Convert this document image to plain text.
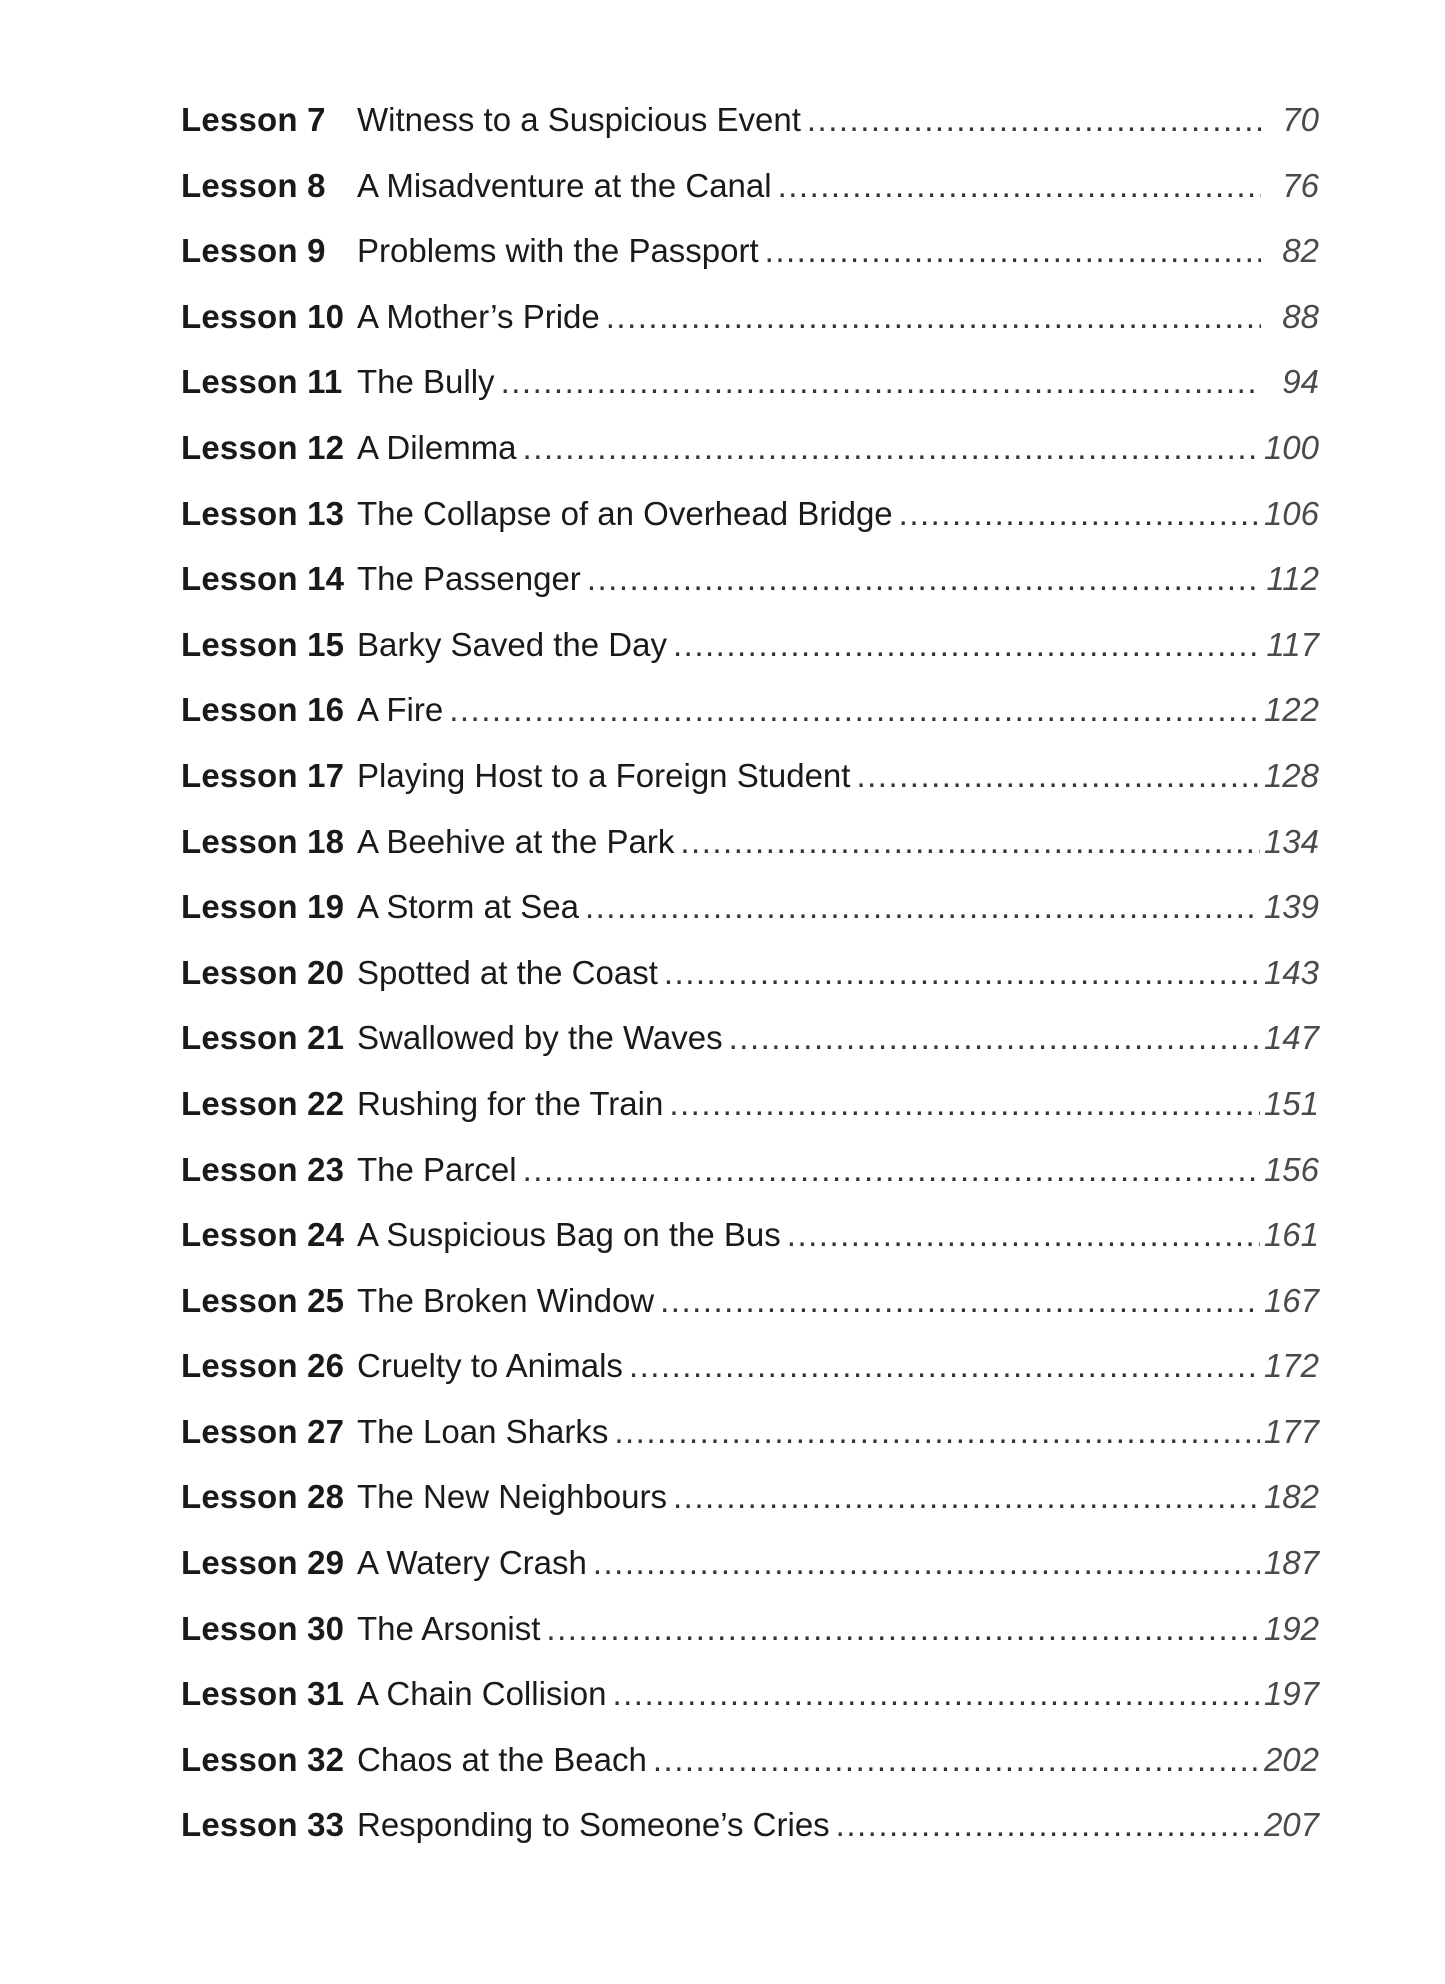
Lesson 7 Witness to a Suspicious Event .....	70
Lesson 8 A Misadventure at the Canal .....	76
Lesson 9 Problems with the Passport .....	82
Lesson 10 A Mother’s Pride .....	88
Lesson 11 The Bully .....	94
Lesson 12 A Dilemma .....	100
Lesson 13 The Collapse of an Overhead Bridge .....	106
Lesson 14 The Passenger .....	112
Lesson 15 Barky Saved the Day .....	117
Lesson 16 A Fire .....	122
Lesson 17 Playing Host to a Foreign Student .....	128
Lesson 18 A Beehive at the Park .....	134
Lesson 19 A Storm at Sea .....	139
Lesson 20 Spotted at the Coast .....	143
Lesson 21 Swallowed by the Waves .....	147
Lesson 22 Rushing for the Train .....	151
Lesson 23 The Parcel .....	156
Lesson 24 A Suspicious Bag on the Bus .....	161
Lesson 25 The Broken Window .....	167
Lesson 26 Cruelty to Animals .....	172
Lesson 27 The Loan Sharks .....	177
Lesson 28 The New Neighbours .....	182
Lesson 29 A Watery Crash .....	187
Lesson 30 The Arsonist .....	192
Lesson 31 A Chain Collision .....	197
Lesson 32 Chaos at the Beach .....	202
Lesson 33 Responding to Someone’s Cries .....	207
